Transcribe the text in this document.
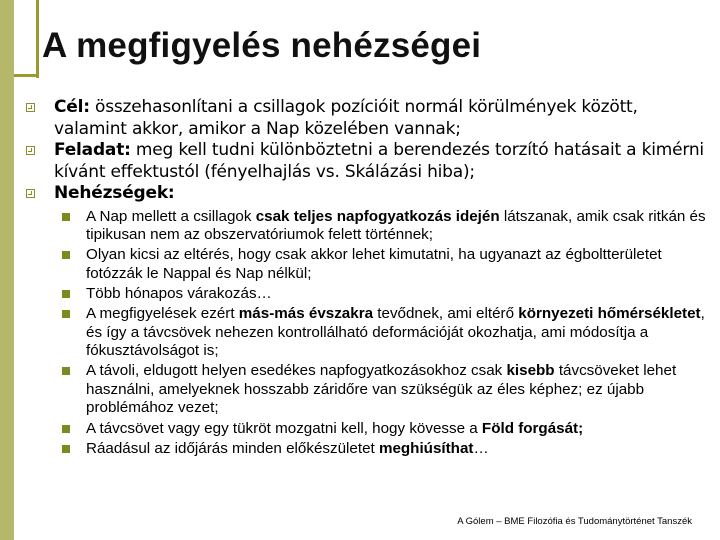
A megfigyelés nehézségei
Cél: összehasonlítani a csillagok pozícióit normál körülmények között, valamint akkor, amikor a Nap közelében vannak;
Feladat: meg kell tudni különböztetni a berendezés torzító hatásait a kimérni kívánt effektustól (fényelhajlás vs. Skálázási hiba);
Nehézségek:
A Nap mellett a csillagok csak teljes napfogyatkozás idején látszanak, amik csak ritkán és tipikusan nem az obszervatóriumok felett történnek;
Olyan kicsi az eltérés, hogy csak akkor lehet kimutatni, ha ugyanazt az égboltterületet fotózzák le Nappal és Nap nélkül;
Több hónapos várakozás…
A megfigyelések ezért más-más évszakra tevődnek, ami eltérő környezeti hőmérsékletet, és így a távcsövek nehezen kontrollálható deformációját okozhatja, ami módosítja a fókusztávolságot is;
A távoli, eldugott helyen esedékes napfogyatkozásokhoz csak kisebb távcsöveket lehet használni, amelyeknek hosszabb záridőre van szükségük az éles képhez; ez újabb problémához vezet;
A távcsövet vagy egy tükröt mozgatni kell, hogy kövesse a Föld forgását;
Ráadásul az időjárás minden előkészületet meghiúsíthat…
A Gólem – BME Filozófia és Tudománytörténet Tanszék
